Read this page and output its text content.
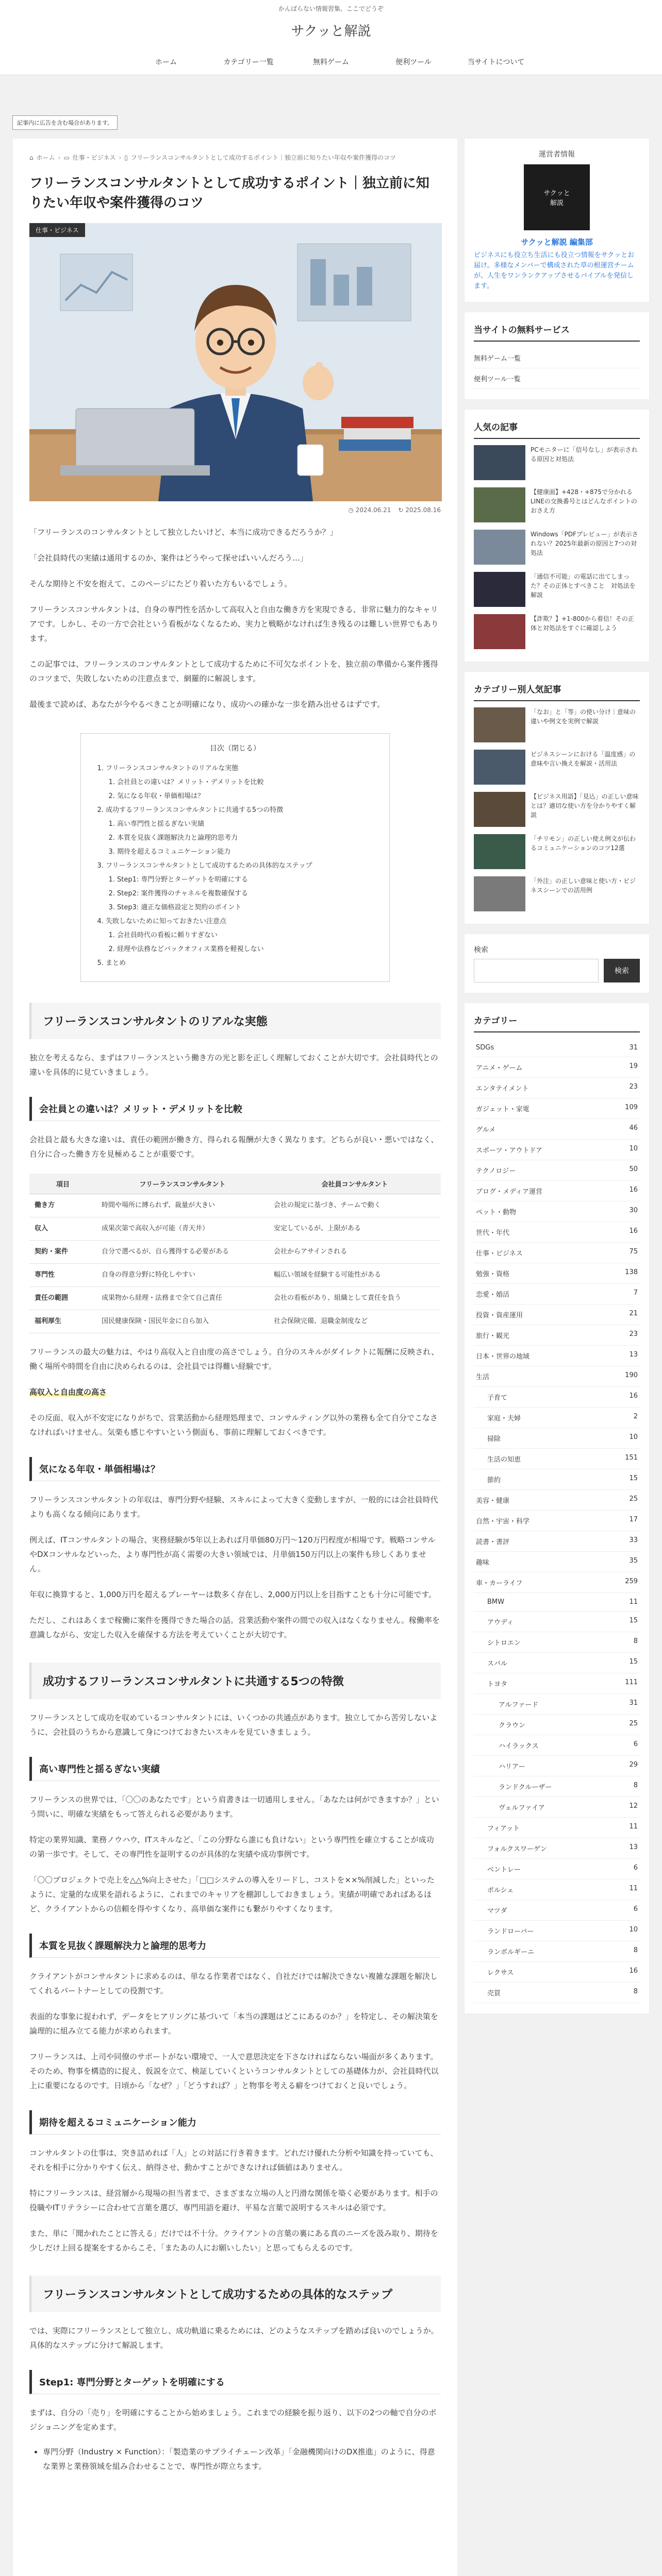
かんばらない情報習集、ここでどうぞ
サクッと解説
ホーム	カテゴリー一覧	無料ゲーム	便利ツール	当サイトについて
記事内に広告を含む場合があります。
⌂ ホーム › ▭ 仕事・ビジネス › ▯ フリーランスコンサルタントとして成功するポイント｜独立前に知りたい年収や案件獲得のコツ
フリーランスコンサルタントとして成功するポイント｜独立前に知りたい年収や案件獲得のコツ
仕事・ビジネス
◷ 2024.06.21 ↻ 2025.08.16

「フリーランスのコンサルタントとして独立したいけど、本当に成功できるだろうか？」

「会社員時代の実績は通用するのか、案件はどうやって探せばいいんだろう…」

そんな期待と不安を抱えて、このページにたどり着いた方もいるでしょう。

フリーランスコンサルタントは、自身の専門性を活かして高収入と自由な働き方を実現できる、非常に魅力的なキャリアです。しかし、その一方で会社という看板がなくなるため、実力と戦略がなければ生き残るのは難しい世界でもあります。

この記事では、フリーランスのコンサルタントとして成功するために不可欠なポイントを、独立前の準備から案件獲得のコツまで、失敗しないための注意点まで、網羅的に解説します。

最後まで読めば、あなたが今やるべきことが明確になり、成功への確かな一歩を踏み出せるはずです。

目次（閉じる）
1. フリーランスコンサルタントのリアルな実態
1. 会社員との違いは？メリット・デメリットを比較
2. 気になる年収・単価相場は？
2. 成功するフリーランスコンサルタントに共通する5つの特徴
1. 高い専門性と揺るぎない実績
2. 本質を見抜く課題解決力と論理的思考力
3. 期待を超えるコミュニケーション能力
3. フリーランスコンサルタントとして成功するための具体的なステップ
1. Step1: 専門分野とターゲットを明確にする
2. Step2: 案件獲得のチャネルを複数確保する
3. Step3: 適正な価格設定と契約のポイント
4. 失敗しないために知っておきたい注意点
1. 会社員時代の看板に頼りすぎない
2. 経理や法務などバックオフィス業務を軽視しない
5. まとめ
フリーランスコンサルタントのリアルな実態

独立を考えるなら、まずはフリーランスという働き方の光と影を正しく理解しておくことが大切です。会社員時代との違いを具体的に見ていきましょう。

会社員との違いは？メリット・デメリットを比較

会社員と最も大きな違いは、責任の範囲が働き方、得られる報酬が大きく異なります。どちらが良い・悪いではなく、自分に合った働き方を見極めることが重要です。

項目	フリーランスコンサルタント	会社員コンサルタント
働き方	時間や場所に縛られず、裁量が大きい	会社の規定に基づき、チームで動く
収入	成果次第で高収入が可能（青天井）	安定しているが、上限がある
契約・案件	自分で選べるが、自ら獲得する必要がある	会社からアサインされる
専門性	自身の得意分野に特化しやすい	幅広い領域を経験する可能性がある
責任の範囲	成果物から経理・法務まで全て自己責任	会社の看板があり、組織として責任を負う
福利厚生	国民健康保険・国民年金に自ら加入	社会保険完備、退職金制度など

フリーランスの最大の魅力は、やはり高収入と自由度の高さでしょう。自分のスキルがダイレクトに報酬に反映され、働く場所や時間を自由に決められるのは、会社員では得難い経験です。

高収入と自由度の高さ

その反面、収入が不安定になりがちで、営業活動から経理処理まで、コンサルティング以外の業務も全て自分でこなさなければいけません。気楽も感じやすいという側面も、事前に理解しておくべきです。

気になる年収・単価相場は？

フリーランスコンサルタントの年収は、専門分野や経験、スキルによって大きく変動しますが、一般的には会社員時代よりも高くなる傾向にあります。

例えば、ITコンサルタントの場合、実務経験が5年以上あれば月単価80万円〜120万円程度が相場です。戦略コンサルやDXコンサルなどいった、より専門性が高く需要の大きい領域では、月単価150万円以上の案件も珍しくありません。

年収に換算すると、1,000万円を超えるプレーヤーは数多く存在し、2,000万円以上を目指すことも十分に可能です。

ただし、これはあくまで稼働に案件を獲得できた場合の話。営業活動や案件の間での収入はなくなりません。稼働率を意識しながら、安定した収入を確保する方法を考えていくことが大切です。

成功するフリーランスコンサルタントに共通する5つの特徴

フリーランスとして成功を収めているコンサルタントには、いくつかの共通点があります。独立してから苦労しないように、会社員のうちから意識して身につけておきたいスキルを見ていきましょう。

高い専門性と揺るぎない実績

フリーランスの世界では、「〇〇のあなたです」という肩書きは一切通用しません。「あなたは何ができますか？」という問いに、明確な実績をもって答えられる必要があります。

特定の業界知識、業務ノウハウ、ITスキルなど、「この分野なら誰にも負けない」という専門性を確立することが成功の第一歩です。そして、その専門性を証明するのが具体的な実績や成功事例です。

「〇〇プロジェクトで売上を△△%向上させた」「□□システムの導入をリードし、コストを××%削減した」といったように、定量的な成果を語れるように、これまでのキャリアを棚卸ししておきましょう。実績が明確であればあるほど、クライアントからの信頼を得やすくなり、高単価な案件にも繋がりやすくなります。

本質を見抜く課題解決力と論理的思考力

クライアントがコンサルタントに求めるのは、単なる作業者ではなく、自社だけでは解決できない複雑な課題を解決してくれるパートナーとしての役割です。

表面的な事象に捉われず、データをヒアリングに基づいて「本当の課題はどこにあるのか？」を特定し、その解決策を論理的に組み立てる能力が求められます。

フリーランスは、上司や同僚のサポートがない環境で、一人で意思決定を下さなければならない場面が多くあります。そのため、物事を構造的に捉え、仮説を立て、検証していくというコンサルタントとしての基礎体力が、会社員時代以上に重要になるのです。日頃から「なぜ？」「どうすれば？」と物事を考える癖をつけておくと良いでしょう。

期待を超えるコミュニケーション能力

コンサルタントの仕事は、突き詰めれば「人」との対話に行き着きます。どれだけ優れた分析や知識を持っていても、それを相手に分かりやすく伝え、納得させ、動かすことができなければ価値はありません。

特にフリーランスは、経営層から現場の担当者まで、さまざまな立場の人と円滑な関係を築く必要があります。相手の役職やITリテラシーに合わせて言葉を選び、専門用語を避け、平易な言葉で説明するスキルは必須です。

また、単に「聞かれたことに答える」だけでは不十分。クライアントの言葉の裏にある真のニーズを汲み取り、期待を少しだけ上回る提案をするからこそ、「またあの人にお願いしたい」と思ってもらえるのです。

フリーランスコンサルタントとして成功するための具体的なステップ

では、実際にフリーランスとして独立し、成功軌道に乗るためには、どのようなステップを踏めば良いのでしょうか。具体的なステップに分けて解説します。

Step1: 専門分野とターゲットを明確にする

まずは、自分の「売り」を明確にすることから始めましょう。これまでの経験を振り返り、以下の2つの軸で自分のポジショニングを定めます。

• 専門分野（Industry × Function）：「製造業のサプライチェーン改革」「金融機関向けのDX推進」のように、得意な業界と業務領域を組み合わせることで、専門性が際立ちます。
運営者情報
サクッと
解説
サクッと解説 編集部

ビジネスにも役立ち生活にも役立つ情報をサクッとお届け。多様なメンバーで構成された草の根運営チームが、人生をワンランクアップさせるバイブルを発信します。

当サイトの無料サービス
無料ゲーム一覧
便利ツール一覧
人気の記事
PCモニターに「信号なし」が表示される原因と対処法
【健康面】+428・+875で分かれるLINEの交換番号とはどんなポイントのおさえ方
Windows「PDFプレビュー」が表示されない？2025年最新の原因と7つの対処法
「通信不可能」の電話に出てしまった？その正体とすべきこと　対処法を解説
【詐欺？】+1-800から着信！その正体と対処法をすぐに確認しよう
カテゴリー別人気記事
「なお」と「等」の使い分け｜意味の違いや例文を実例で解説
ビジネスシーンにおける「温度感」の意味や言い換えを解説・活用法
【ビジネス用語】「見込」の正しい意味とは？適切な使い方を分かりやすく解説
「チリモン」の正しい使え例文が伝わるコミュニケーションのコツ12選
「外注」の正しい意味と使い方・ビジネスシーンでの活用例
検索
検索
カテゴリー
SDGs	31
アニメ・ゲーム	19
エンタテイメント	23
ガジェット・家電	109
グルメ	46
スポーツ・アウトドア	10
テクノロジー	50
ブログ・メディア運営	16
ペット・動物	30
世代・年代	16
仕事・ビジネス	75
勉強・資格	138
恋愛・婚活	7
投資・資産運用	21
旅行・観光	23
日本・世界の地域	13
生活	190
子育て	16
家庭・夫婦	2
掃除	10
生活の知恵	151
節約	15
美容・健康	25
自然・宇宙・科学	17
読書・書評	33
趣味	35
車・カーライフ	259
BMW	11
アウディ	15
シトロエン	8
スバル	15
トヨタ	111
アルファード	31
クラウン	25
ハイラックス	6
ハリアー	29
ランドクルーザー	8
ヴェルファイア	12
フィアット	11
フォルクスワーゲン	13
ベントレー	6
ポルシェ	11
マツダ	6
ランドローバー	10
ランボルギーニ	8
レクサス	16
売買	8
